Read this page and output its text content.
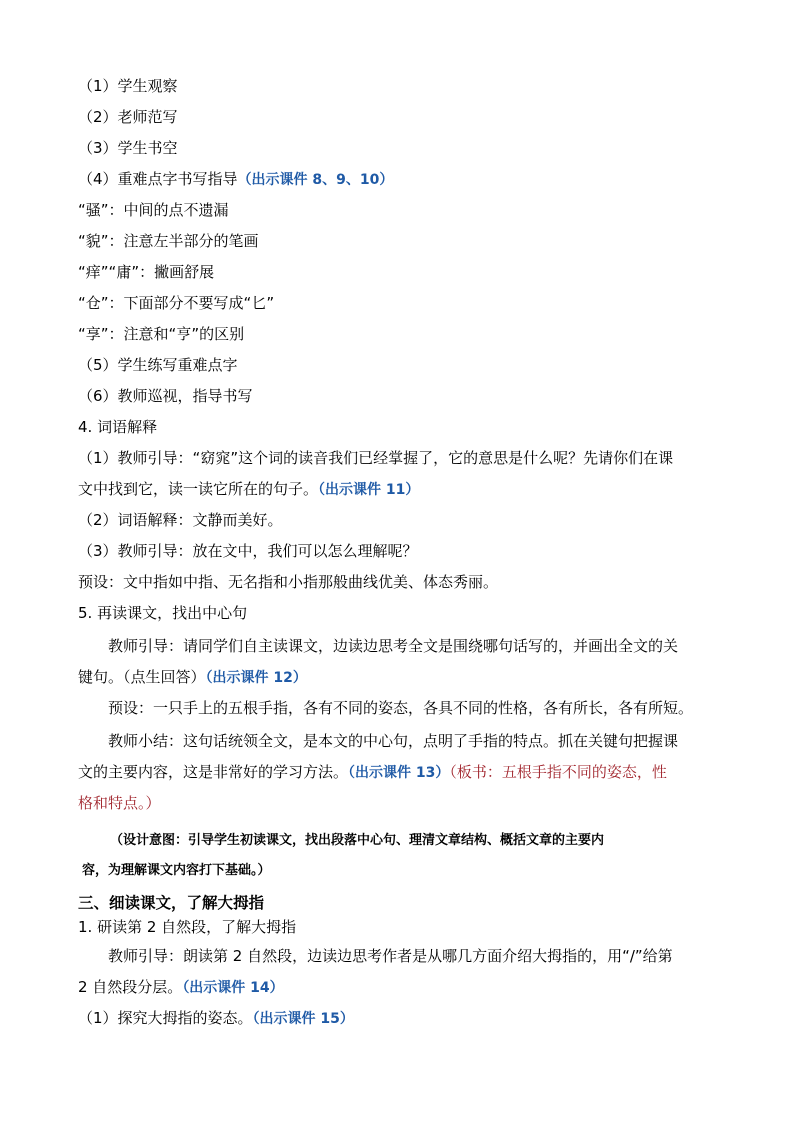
（1）学生观察
（2）老师范写
（3）学生书空
（4）重难点字书写指导（出示课件 8、9、10）
“骚”：中间的点不遗漏
“貌”：注意左半部分的笔画
“痒”“庸”：撇画舒展
“仓”：下面部分不要写成“匕”
“享”：注意和“亨”的区别
（5）学生练写重难点字
（6）教师巡视，指导书写
4. 词语解释
（1）教师引导：“窈窕”这个词的读音我们已经掌握了，它的意思是什么呢？先请你们在课
文中找到它，读一读它所在的句子。（出示课件 11）
（2）词语解释：文静而美好。
（3）教师引导：放在文中，我们可以怎么理解呢？
预设：文中指如中指、无名指和小指那般曲线优美、体态秀丽。
5. 再读课文，找出中心句
教师引导：请同学们自主读课文，边读边思考全文是围绕哪句话写的，并画出全文的关
键句。（点生回答）（出示课件 12）
预设：一只手上的五根手指，各有不同的姿态，各具不同的性格，各有所长，各有所短。
教师小结：这句话统领全文，是本文的中心句，点明了手指的特点。抓在关键句把握课
文的主要内容，这是非常好的学习方法。（出示课件 13）（板书：五根手指不同的姿态，性
格和特点。）
（设计意图：引导学生初读课文，找出段落中心句、理清文章结构、概括文章的主要内
容，为理解课文内容打下基础。）
三、细读课文，了解大拇指
1. 研读第 2 自然段，了解大拇指
教师引导：朗读第 2 自然段，边读边思考作者是从哪几方面介绍大拇指的，用“/”给第
2 自然段分层。（出示课件 14）
（1）探究大拇指的姿态。（出示课件 15）
